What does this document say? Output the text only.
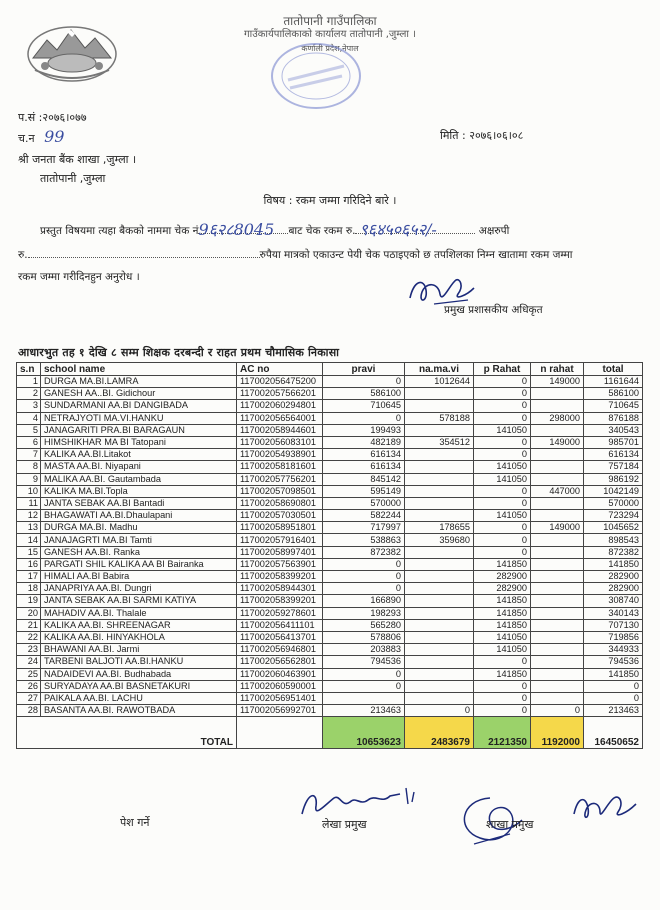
तातोपानी गाउँपालिका
गाउँकार्यपालिकाको कार्यालय तातोपानी ,जुम्ला ।
कर्णाली प्रदेश,नेपाल
प.सं :२०७६।०७७
च.न 99	मिति : २०७६।०६।०८
श्री जनता बैंक शाखा ,जुम्ला ।
तातोपानी ,जुम्ला
विषय : रकम जम्मा गरिदिने बारे ।
प्रस्तुत विषयमा त्यहा बैकको नाममा चेक नं 9६२८8045 बाट चेक रकम रु. ९६४५०६५२/-	अक्षरुपी
रु.	रुपैया मात्रको एकाउन्ट पेयी चेक पठाइएको छ तपशिलका निम्न खातामा रकम जम्मा
रकम जम्मा गरीदिनहुन अनुरोध ।
प्रमुख प्रशासकीय अधिकृत
आधारभुत तह १ देखि ८ सम्म शिक्षक दरबन्दी र राहत प्रथम चौमासिक निकासा
s.n	school name	AC no	pravi	na.ma.vi	p Rahat	n rahat	total
1	DURGA MA.BI.LAMRA	117002056475200	0	1012644	0	149000	1161644
2	GANESH AA..BI. Gidichour	117002057566201	586100		0		586100
3	SUNDARMANI AA.BI DANGIBADA	117002060294801	710645		0		710645
4	NETRAJYOTI MA.VI.HANKU	117002056564001	0	578188	0	298000	876188
5	JANAGARITI PRA.BI BARAGAUN	117002058944601	199493		141050		340543
6	HIMSHIKHAR MA BI Tatopani	117002056083101	482189	354512	0	149000	985701
7	KALIKA AA.BI.Litakot	117002054938901	616134		0		616134
8	MASTA AA.BI. Niyapani	117002058181601	616134		141050		757184
9	MALIKA AA.BI. Gautambada	117002057756201	845142		141050		986192
10	KALIKA MA.BI.Topla	117002057098501	595149		0	447000	1042149
11	JANTA SEBAK AA.BI Bantadi	117002058690801	570000		0		570000
12	BHAGAWATI AA.BI.Dhaulapani	117002057030501	582244		141050		723294
13	DURGA MA.BI. Madhu	117002058951801	717997	178655	0	149000	1045652
14	JANAJAGRTI MA.BI Tamti	117002057916401	538863	359680	0		898543
15	GANESH AA.BI. Ranka	117002058997401	872382		0		872382
16	PARGATI SHIL KALIKA AA BI Bairanka	117002057563901	0		141850		141850
17	HIMALI AA.BI Babira	117002058399201	0		282900		282900
18	JANAPRIYA AA.BI. Dungri	117002058944301	0		282900		282900
19	JANTA SEBAK AA.BI SARMI KATIYA	117002058399201	166890		141850		308740
20	MAHADIV AA.BI. Thalale	117002059278601	198293		141850		340143
21	KALIKA AA.BI. SHREENAGAR	117002056411101	565280		141850		707130
22	KALIKA AA.BI. HINYAKHOLA	117002056413701	578806		141050		719856
23	BHAWANI AA.BI. Jarmi	117002056946801	203883		141050		344933
24	TARBENI BALJOTI AA.BI.HANKU	117002056562801	794536		0		794536
25	NADAIDEVI AA.BI. Budhabada	117002060463901	0		141850		141850
26	SURYADAYA AA.BI BASNETAKURI	117002060590001	0		0		0
27	PAIKALA AA.BI. LACHU	117002056951401			0		0
28	BASANTA AA.BI. RAWOTBADA	117002056992701	213463	0	0	0	213463
TOTAL			10653623	2483679	2121350	1192000	16450652
पेश गर्ने	लेखा प्रमुख	शाखा प्रमुख
